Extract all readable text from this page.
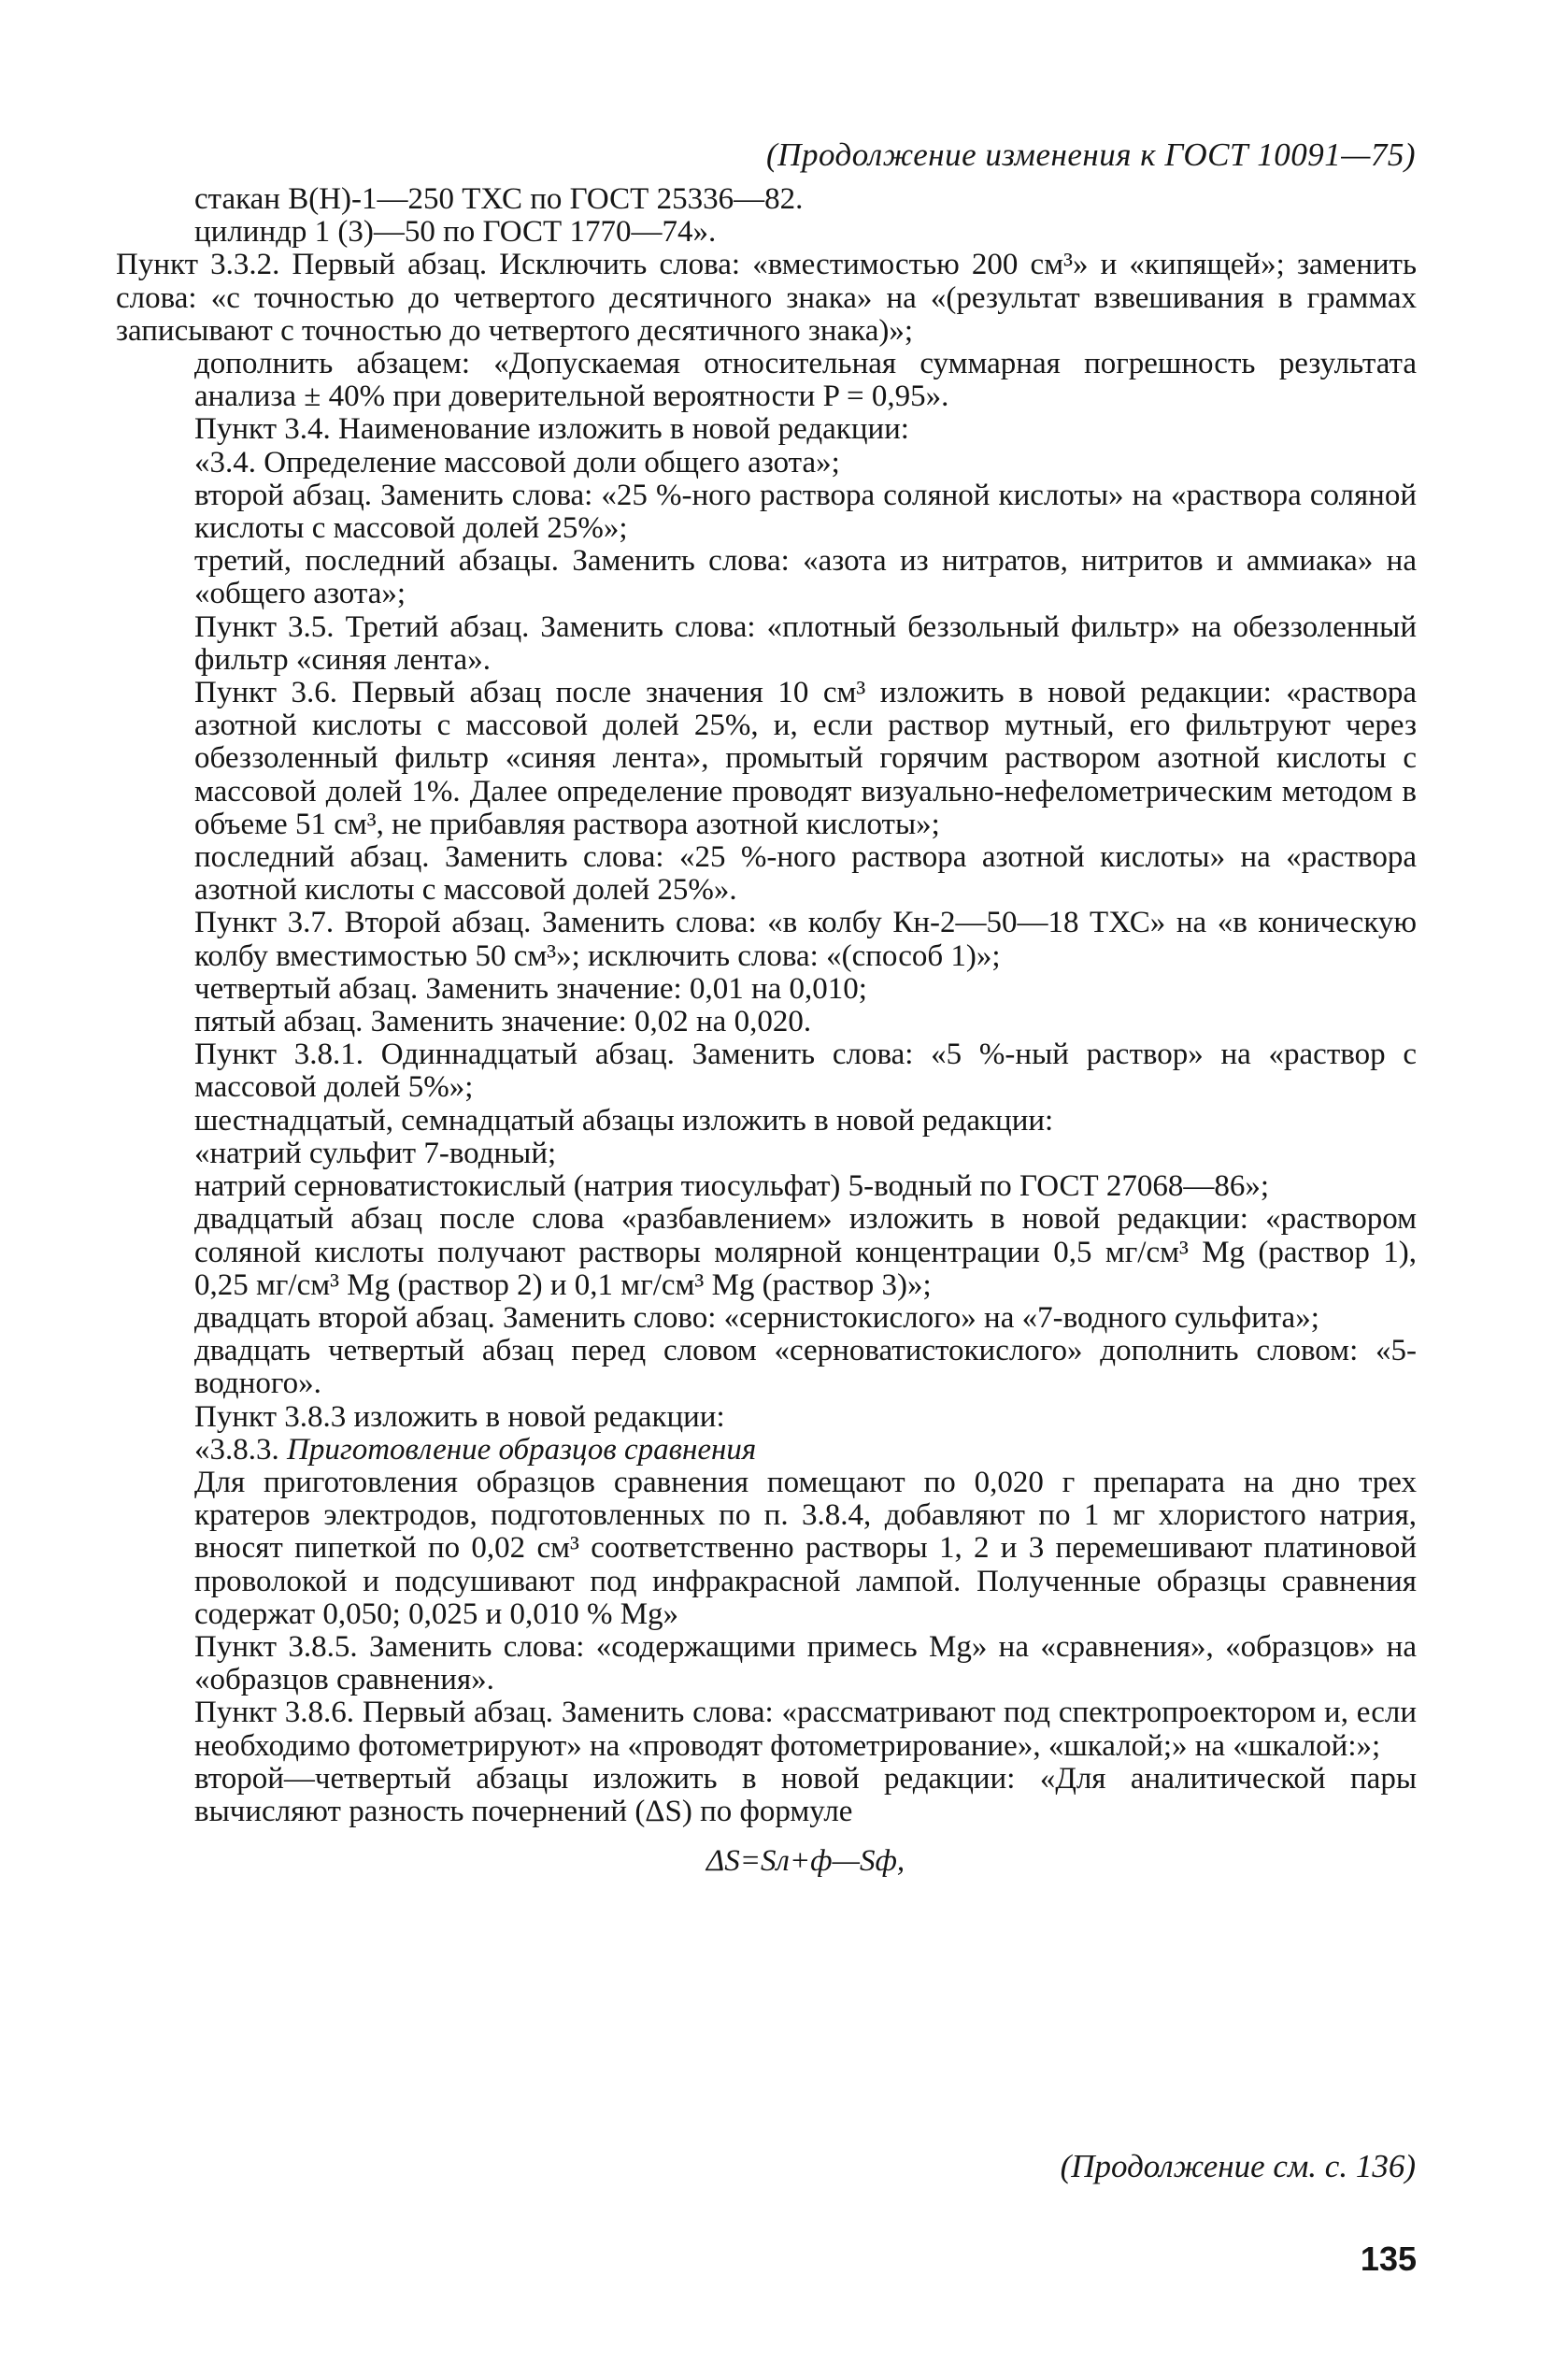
(Продолжение изменения к ГОСТ 10091—75)

стакан В(Н)-1—250 ТХС по ГОСТ 25336—82.

цилиндр 1 (3)—50 по ГОСТ 1770—74».

Пункт 3.3.2. Первый абзац. Исключить слова: «вместимостью 200 см³» и «кипящей»; заменить слова: «с точностью до четвертого десятичного знака» на «(результат взвешивания в граммах записывают с точностью до четвертого десятичного знака)»;

дополнить абзацем: «Допускаемая относительная суммарная погрешность результата анализа ± 40% при доверительной вероятности P = 0,95».

Пункт 3.4. Наименование изложить в новой редакции:

«3.4. Определение массовой доли общего азота»;

второй абзац. Заменить слова: «25 %-ного раствора соляной кислоты» на «раствора соляной кислоты с массовой долей 25%»;

третий, последний абзацы. Заменить слова: «азота из нитратов, нитритов и аммиака» на «общего азота»;

Пункт 3.5. Третий абзац. Заменить слова: «плотный беззольный фильтр» на обеззоленный фильтр «синяя лента».

Пункт 3.6. Первый абзац после значения 10 см³ изложить в новой редакции: «раствора азотной кислоты с массовой долей 25%, и, если раствор мутный, его фильтруют через обеззоленный фильтр «синяя лента», промытый горячим раствором азотной кислоты с массовой долей 1%. Далее определение проводят визуально-нефелометрическим методом в объеме 51 см³, не прибавляя раствора азотной кислоты»;

последний абзац. Заменить слова: «25 %-ного раствора азотной кислоты» на «раствора азотной кислоты с массовой долей 25%».

Пункт 3.7. Второй абзац. Заменить слова: «в колбу Кн-2—50—18 ТХС» на «в коническую колбу вместимостью 50 см³»; исключить слова: «(способ 1)»;

четвертый абзац. Заменить значение: 0,01 на 0,010;

пятый абзац. Заменить значение: 0,02 на 0,020.

Пункт 3.8.1. Одиннадцатый абзац. Заменить слова: «5 %-ный раствор» на «раствор с массовой долей 5%»;

шестнадцатый, семнадцатый абзацы изложить в новой редакции:

«натрий сульфит 7-водный;

натрий серноватистокислый (натрия тиосульфат) 5-водный по ГОСТ 27068—86»;

двадцатый абзац после слова «разбавлением» изложить в новой редакции: «раствором соляной кислоты получают растворы молярной концентрации 0,5 мг/см³ Mg (раствор 1), 0,25 мг/см³ Mg (раствор 2) и 0,1 мг/см³ Mg (раствор 3)»;

двадцать второй абзац. Заменить слово: «сернистокислого» на «7-водного сульфита»;

двадцать четвертый абзац перед словом «серноватистокислого» дополнить словом: «5-водного».

Пункт 3.8.3 изложить в новой редакции:

«3.8.3. Приготовление образцов сравнения

Для приготовления образцов сравнения помещают по 0,020 г препарата на дно трех кратеров электродов, подготовленных по п. 3.8.4, добавляют по 1 мг хлористого натрия, вносят пипеткой по 0,02 см³ соответственно растворы 1, 2 и 3 перемешивают платиновой проволокой и подсушивают под инфракрасной лампой. Полученные образцы сравнения содержат 0,050; 0,025 и 0,010 % Mg»

Пункт 3.8.5. Заменить слова: «содержащими примесь Mg» на «сравнения», «образцов» на «образцов сравнения».

Пункт 3.8.6. Первый абзац. Заменить слова: «рассматривают под спектропроектором и, если необходимо фотометрируют» на «проводят фотометрирование», «шкалой;» на «шкалой:»;

второй—четвертый абзацы изложить в новой редакции: «Для аналитической пары вычисляют разность почернений (ΔS) по формуле

ΔS=Sл+ф—Sф,

(Продолжение см. с. 136)
135
